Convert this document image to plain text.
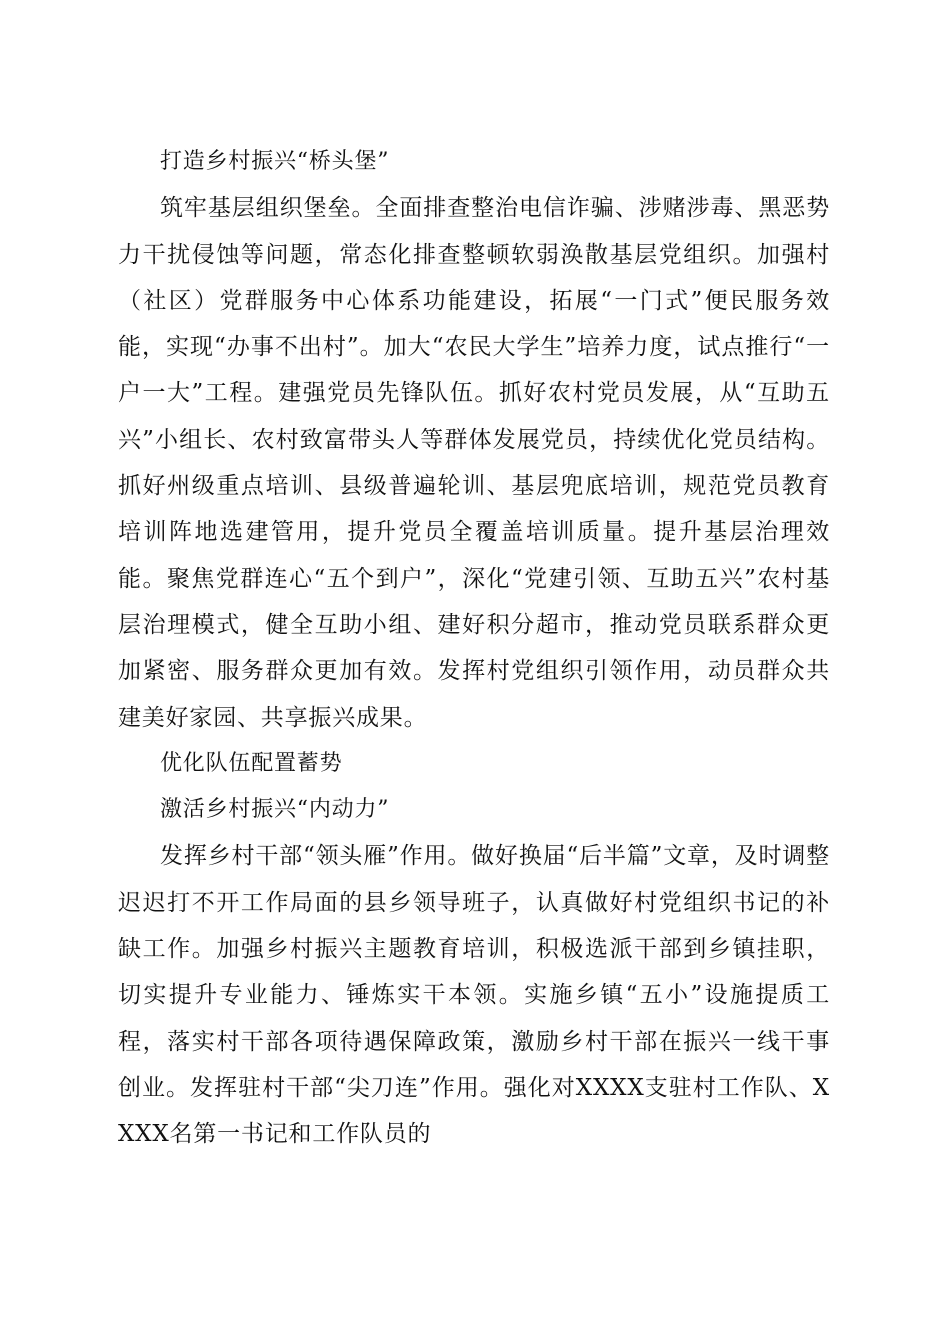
打造乡村振兴“桥头堡”

筑牢基层组织堡垒。全面排查整治电信诈骗、涉赌涉毒、黑恶势力干扰侵蚀等问题，常态化排查整顿软弱涣散基层党组织。加强村（社区）党群服务中心体系功能建设，拓展“一门式”便民服务效能，实现“办事不出村”。加大“农民大学生”培养力度，试点推行“一户一大”工程。建强党员先锋队伍。抓好农村党员发展，从“互助五兴”小组长、农村致富带头人等群体发展党员，持续优化党员结构。抓好州级重点培训、县级普遍轮训、基层兜底培训，规范党员教育培训阵地选建管用，提升党员全覆盖培训质量。提升基层治理效能。聚焦党群连心“五个到户”，深化“党建引领、互助五兴”农村基层治理模式，健全互助小组、建好积分超市，推动党员联系群众更加紧密、服务群众更加有效。发挥村党组织引领作用，动员群众共建美好家园、共享振兴成果。

优化队伍配置蓄势
激活乡村振兴“内动力”

发挥乡村干部“领头雁”作用。做好换届“后半篇”文章，及时调整迟迟打不开工作局面的县乡领导班子，认真做好村党组织书记的补缺工作。加强乡村振兴主题教育培训，积极选派干部到乡镇挂职，切实提升专业能力、锤炼实干本领。实施乡镇“五小”设施提质工程，落实村干部各项待遇保障政策，激励乡村干部在振兴一线干事创业。发挥驻村干部“尖刀连”作用。强化对XXXX支驻村工作队、XXXX名第一书记和工作队员的
